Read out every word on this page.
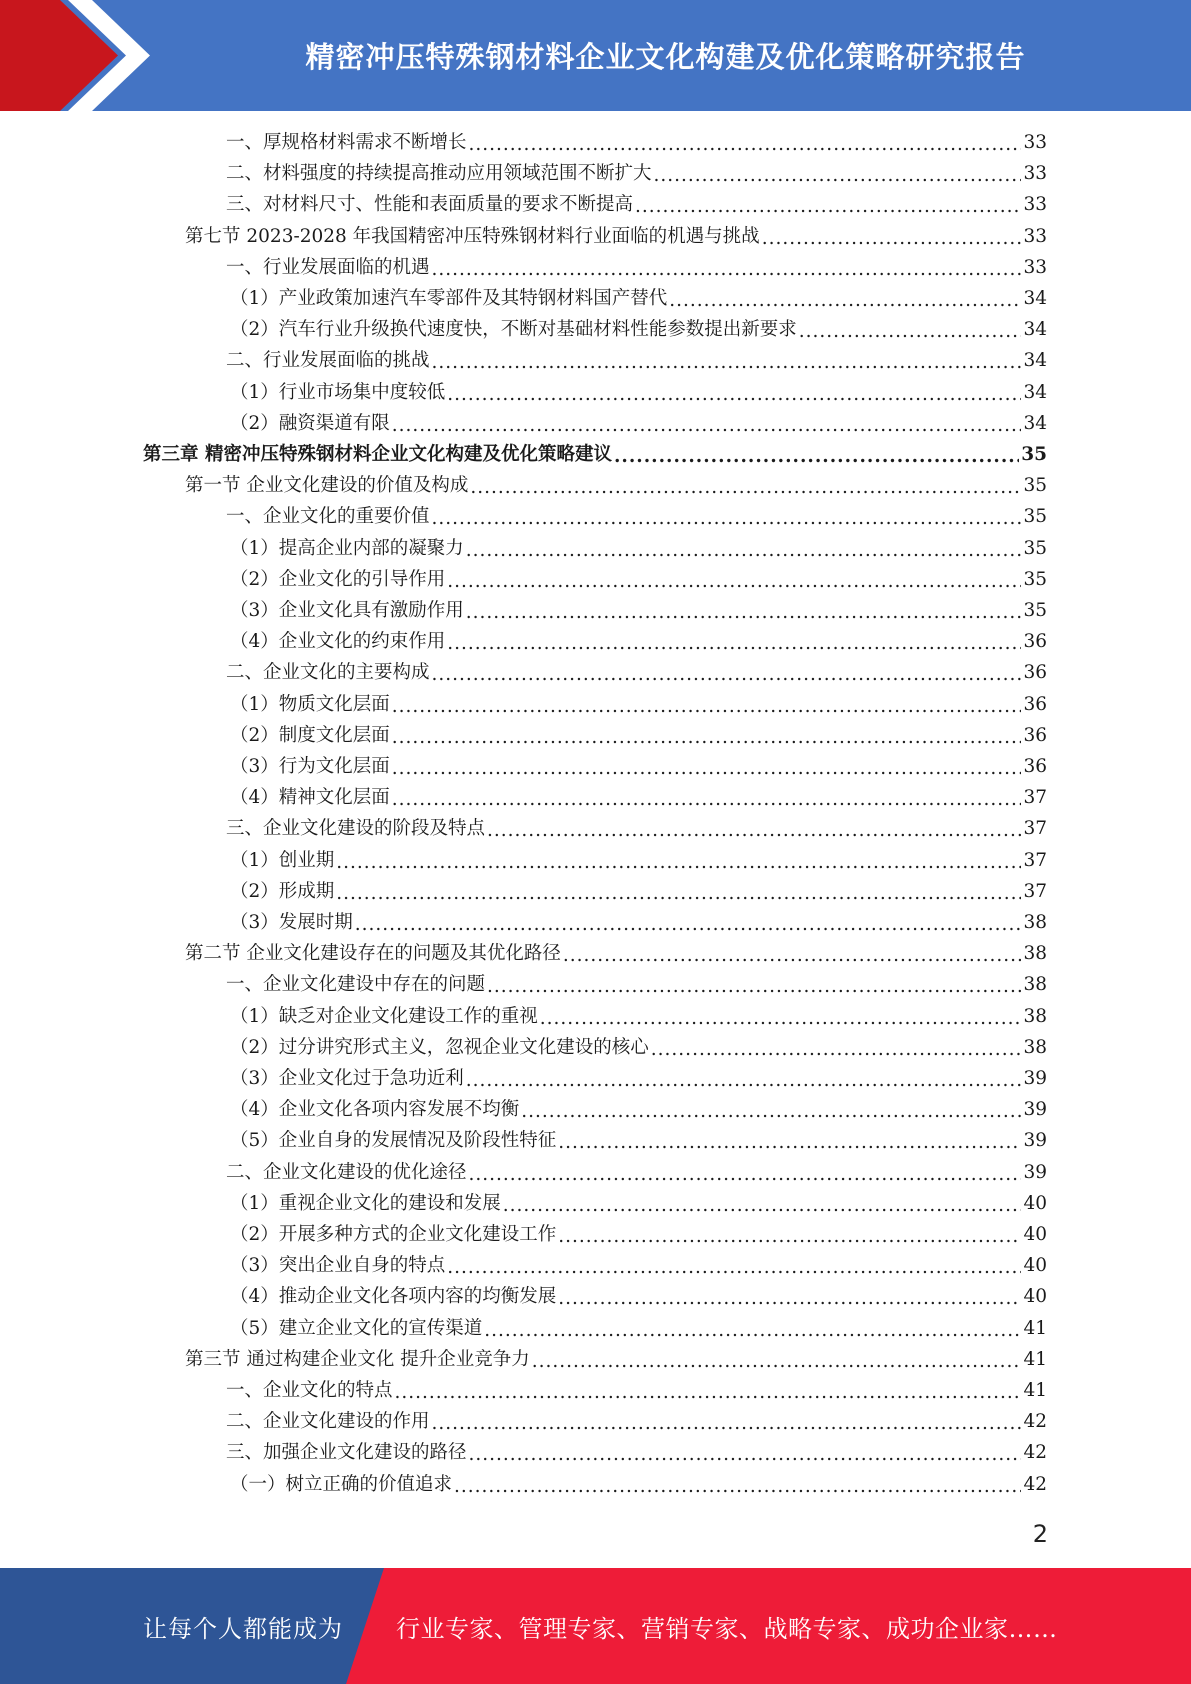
精密冲压特殊钢材料企业文化构建及优化策略研究报告
一、厚规格材料需求不断增长 .....	33
二、材料强度的持续提高推动应用领域范围不断扩大 .....	33
三、对材料尺寸、性能和表面质量的要求不断提高 .....	33
第七节 2023-2028 年我国精密冲压特殊钢材料行业面临的机遇与挑战 .....	33
一、行业发展面临的机遇 .....	33
（1）产业政策加速汽车零部件及其特钢材料国产替代 .....	34
（2）汽车行业升级换代速度快，不断对基础材料性能参数提出新要求 .....	34
二、行业发展面临的挑战 .....	34
（1）行业市场集中度较低 .....	34
（2）融资渠道有限 .....	34
第三章 精密冲压特殊钢材料企业文化构建及优化策略建议 .....	35
第一节 企业文化建设的价值及构成 .....	35
一、企业文化的重要价值 .....	35
（1）提高企业内部的凝聚力 .....	35
（2）企业文化的引导作用 .....	35
（3）企业文化具有激励作用 .....	35
（4）企业文化的约束作用 .....	36
二、企业文化的主要构成 .....	36
（1）物质文化层面 .....	36
（2）制度文化层面 .....	36
（3）行为文化层面 .....	36
（4）精神文化层面 .....	37
三、企业文化建设的阶段及特点 .....	37
（1）创业期 .....	37
（2）形成期 .....	37
（3）发展时期 .....	38
第二节 企业文化建设存在的问题及其优化路径 .....	38
一、企业文化建设中存在的问题 .....	38
（1）缺乏对企业文化建设工作的重视 .....	38
（2）过分讲究形式主义，忽视企业文化建设的核心 .....	38
（3）企业文化过于急功近利 .....	39
（4）企业文化各项内容发展不均衡 .....	39
（5）企业自身的发展情况及阶段性特征 .....	39
二、企业文化建设的优化途径 .....	39
（1）重视企业文化的建设和发展 .....	40
（2）开展多种方式的企业文化建设工作 .....	40
（3）突出企业自身的特点 .....	40
（4）推动企业文化各项内容的均衡发展 .....	40
（5）建立企业文化的宣传渠道 .....	41
第三节 通过构建企业文化 提升企业竞争力 .....	41
一、企业文化的特点 .....	41
二、企业文化建设的作用 .....	42
三、加强企业文化建设的路径 .....	42
（一）树立正确的价值追求 .....	42
2
让每个人都能成为 行业专家、管理专家、营销专家、战略专家、成功企业家……
